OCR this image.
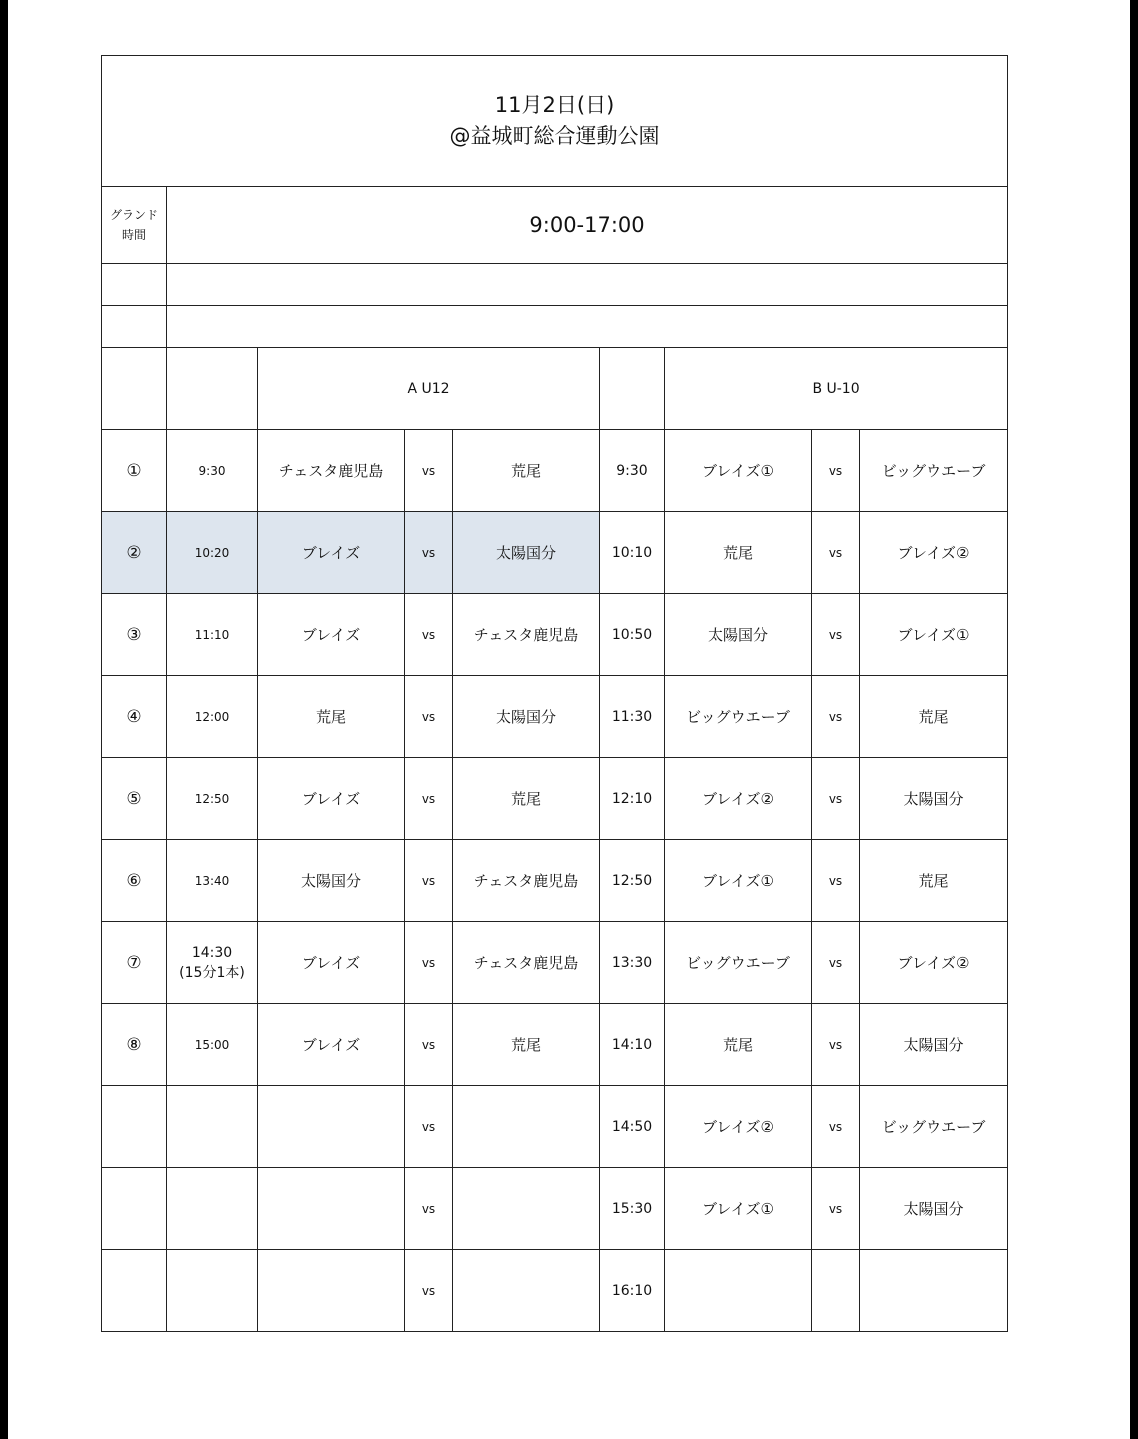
11月2日(日)
@益城町総合運動公園								

グランド
時間	9:00-17:00							

		A U12				B U-10		
①	9:30	チェスタ鹿児島	vs	荒尾	9:30	ブレイズ①	vs	ビッグウエーブ
②	10:20	ブレイズ	vs	太陽国分	10:10	荒尾	vs	ブレイズ②
③	11:10	ブレイズ	vs	チェスタ鹿児島	10:50	太陽国分	vs	ブレイズ①
④	12:00	荒尾	vs	太陽国分	11:30	ビッグウエーブ	vs	荒尾
⑤	12:50	ブレイズ	vs	荒尾	12:10	ブレイズ②	vs	太陽国分
⑥	13:40	太陽国分	vs	チェスタ鹿児島	12:50	ブレイズ①	vs	荒尾
⑦	14:30
(15分1本)	ブレイズ	vs	チェスタ鹿児島	13:30	ビッグウエーブ	vs	ブレイズ②
⑧	15:00	ブレイズ	vs	荒尾	14:10	荒尾	vs	太陽国分
			vs		14:50	ブレイズ②	vs	ビッグウエーブ
			vs		15:30	ブレイズ①	vs	太陽国分
			vs		16:10			
